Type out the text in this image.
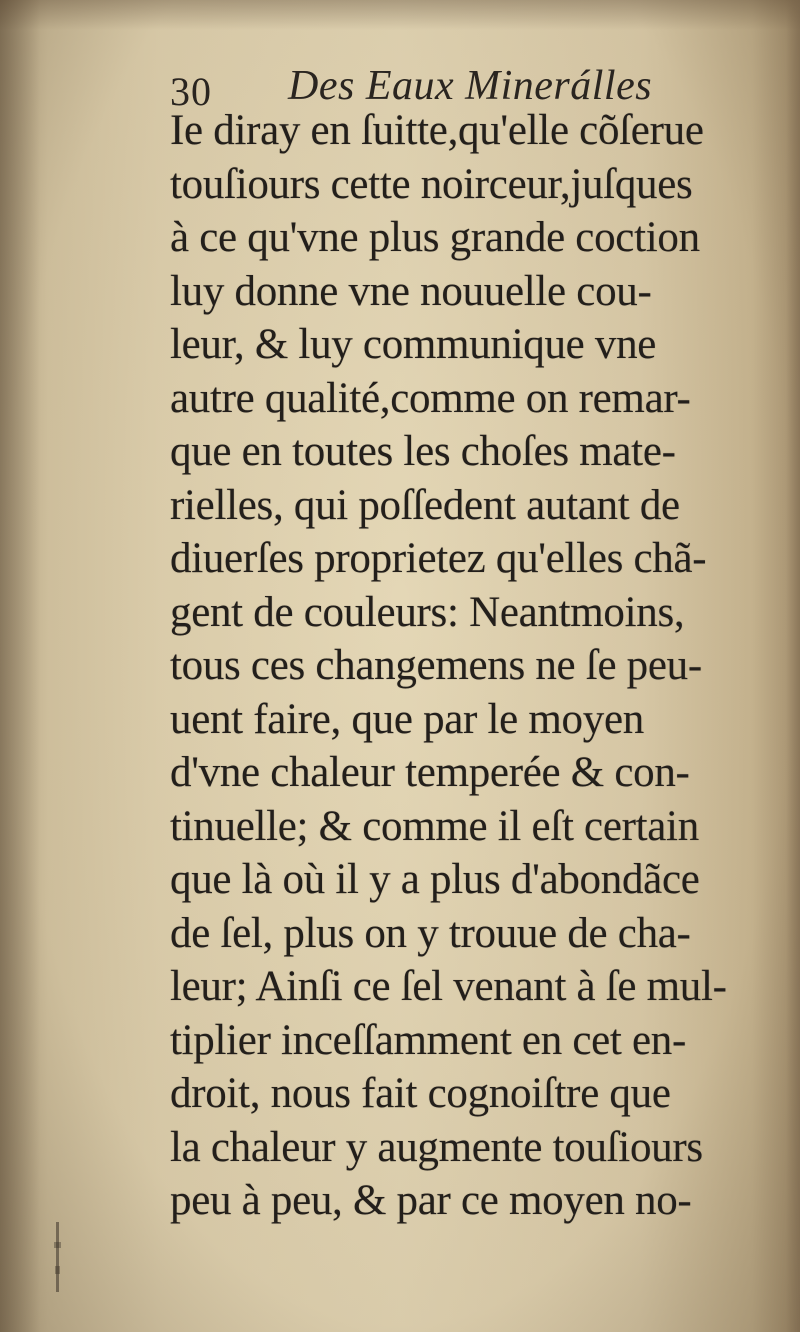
30 Des Eaux Minerálles
Ie diray en ſuitte,qu'elle cõſerue
touſiours cette noirceur,juſques
à ce qu'vne plus grande coction
luy donne vne nouuelle cou-
leur, & luy communique vne
autre qualité,comme on remar-
que en toutes les choſes mate-
rielles, qui poſſedent autant de
diuerſes proprietez qu'elles chã-
gent de couleurs: Neantmoins,
tous ces changemens ne ſe peu-
uent faire, que par le moyen
d'vne chaleur temperée & con-
tinuelle; & comme il eſt certain
que là où il y a plus d'abondãce
de ſel, plus on y trouue de cha-
leur; Ainſi ce ſel venant à ſe mul-
tiplier inceſſamment en cet en-
droit, nous fait cognoiſtre que
la chaleur y augmente touſiours
peu à peu, & par ce moyen no-
